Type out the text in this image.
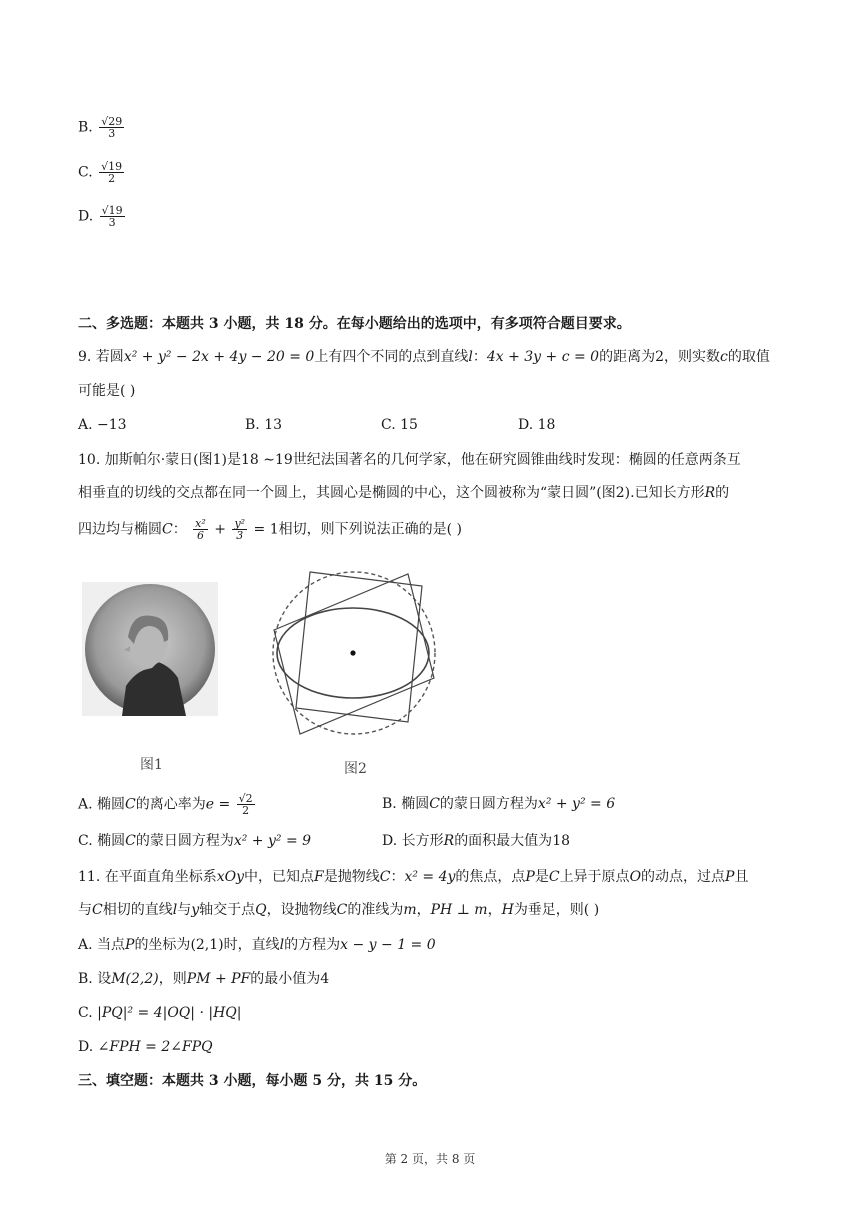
B. $\frac{√29}{3}$
C. $\frac{√19}{2}$
D. $\frac{√19}{3}$
二、多选题：本题共 3 小题，共 18 分。在每小题给出的选项中，有多项符合题目要求。
9. 若圆x² + y² − 2x + 4y − 20 = 0上有四个不同的点到直线l：4x + 3y + c = 0的距离为2，则实数c的取值
可能是( )
A. −13	B. 13	C. 15	D. 18
10. 加斯帕尔·蒙日(图1)是18 ∼19世纪法国著名的几何学家，他在研究圆锥曲线时发现：椭圆的任意两条互
相垂直的切线的交点都在同一个圆上，其圆心是椭圆的中心，这个圆被称为“蒙日圆”(图2).已知长方形R的
四边均与椭圆C： $\frac{\text{x²}}{6} + \frac{\text{y²}}{3} = 1$相切，则下列说法正确的是( )
图1	图2
A. 椭圆C的离心率为$e = \frac{√2}{2}$	B. 椭圆C的蒙日圆方程为x² + y² = 6
C. 椭圆C的蒙日圆方程为x² + y² = 9	D. 长方形R的面积最大值为18
11. 在平面直角坐标系xOy中，已知点F是抛物线C：x² = 4y的焦点，点P是C上异于原点O的动点，过点P且
与C相切的直线l与y轴交于点Q，设抛物线C的准线为m，PH ⊥ m，H为垂足，则( )
A. 当点P的坐标为(2,1)时，直线l的方程为x − y − 1 = 0
B. 设M(2,2)，则PM + PF的最小值为4
C. |PQ|² = 4|OQ| · |HQ|
D. ∠FPH = 2∠FPQ
三、填空题：本题共 3 小题，每小题 5 分，共 15 分。
第 2 页，共 8 页
